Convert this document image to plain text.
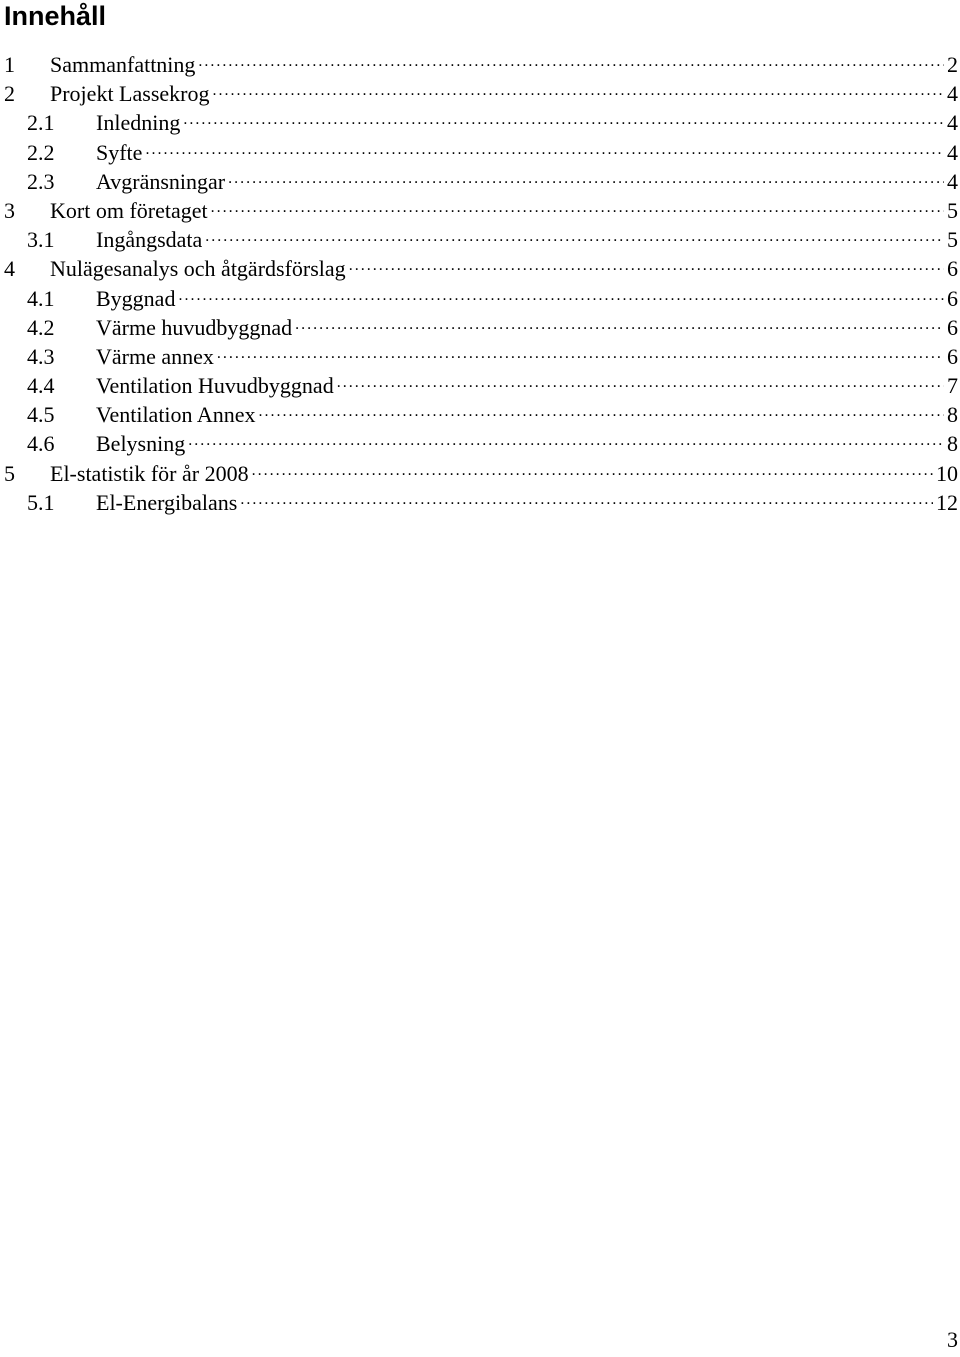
Innehåll
1	Sammanfattning . . .	2
2	Projekt Lassekrog . . .	4
2.1	Inledning . . .	4
2.2	Syfte . . .	4
2.3	Avgränsningar . . .	4
3	Kort om företaget . . .	5
3.1	Ingångsdata . . .	5
4	Nulägesanalys och åtgärdsförslag . . .	6
4.1	Byggnad . . .	6
4.2	Värme huvudbyggnad . . .	6
4.3	Värme annex . . .	6
4.4	Ventilation Huvudbyggnad . . .	7
4.5	Ventilation Annex . . .	8
4.6	Belysning . . .	8
5	El-statistik för år 2008 . . .	10
5.1	El-Energibalans . . .	12
3
